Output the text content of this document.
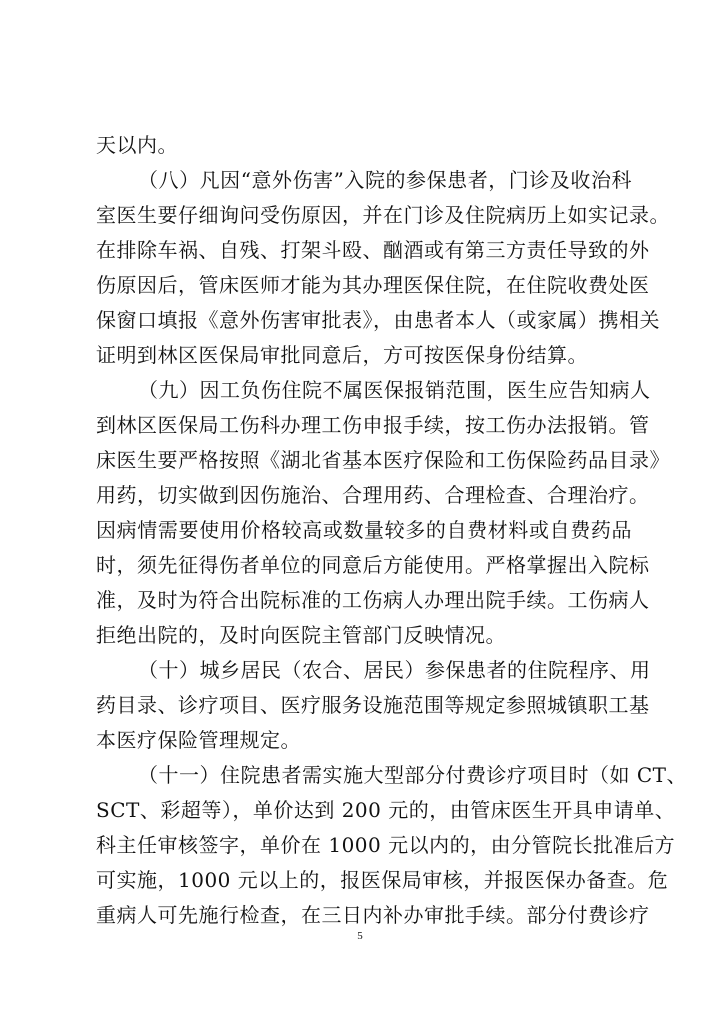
天以内。
（八）凡因“意外伤害”入院的参保患者，门诊及收治科
室医生要仔细询问受伤原因，并在门诊及住院病历上如实记录。
在排除车祸、自残、打架斗殴、酗酒或有第三方责任导致的外
伤原因后，管床医师才能为其办理医保住院，在住院收费处医
保窗口填报《意外伤害审批表》，由患者本人（或家属）携相关
证明到林区医保局审批同意后，方可按医保身份结算。
（九）因工负伤住院不属医保报销范围，医生应告知病人
到林区医保局工伤科办理工伤申报手续，按工伤办法报销。管
床医生要严格按照《湖北省基本医疗保险和工伤保险药品目录》
用药，切实做到因伤施治、合理用药、合理检查、合理治疗。
因病情需要使用价格较高或数量较多的自费材料或自费药品
时，须先征得伤者单位的同意后方能使用。严格掌握出入院标
准，及时为符合出院标准的工伤病人办理出院手续。工伤病人
拒绝出院的，及时向医院主管部门反映情况。
（十）城乡居民（农合、居民）参保患者的住院程序、用
药目录、诊疗项目、医疗服务设施范围等规定参照城镇职工基
本医疗保险管理规定。
（十一）住院患者需实施大型部分付费诊疗项目时（如 CT、
SCT、彩超等），单价达到 200 元的，由管床医生开具申请单、
科主任审核签字，单价在 1000 元以内的，由分管院长批准后方
可实施，1000 元以上的，报医保局审核，并报医保办备查。危
重病人可先施行检查，在三日内补办审批手续。部分付费诊疗
5
